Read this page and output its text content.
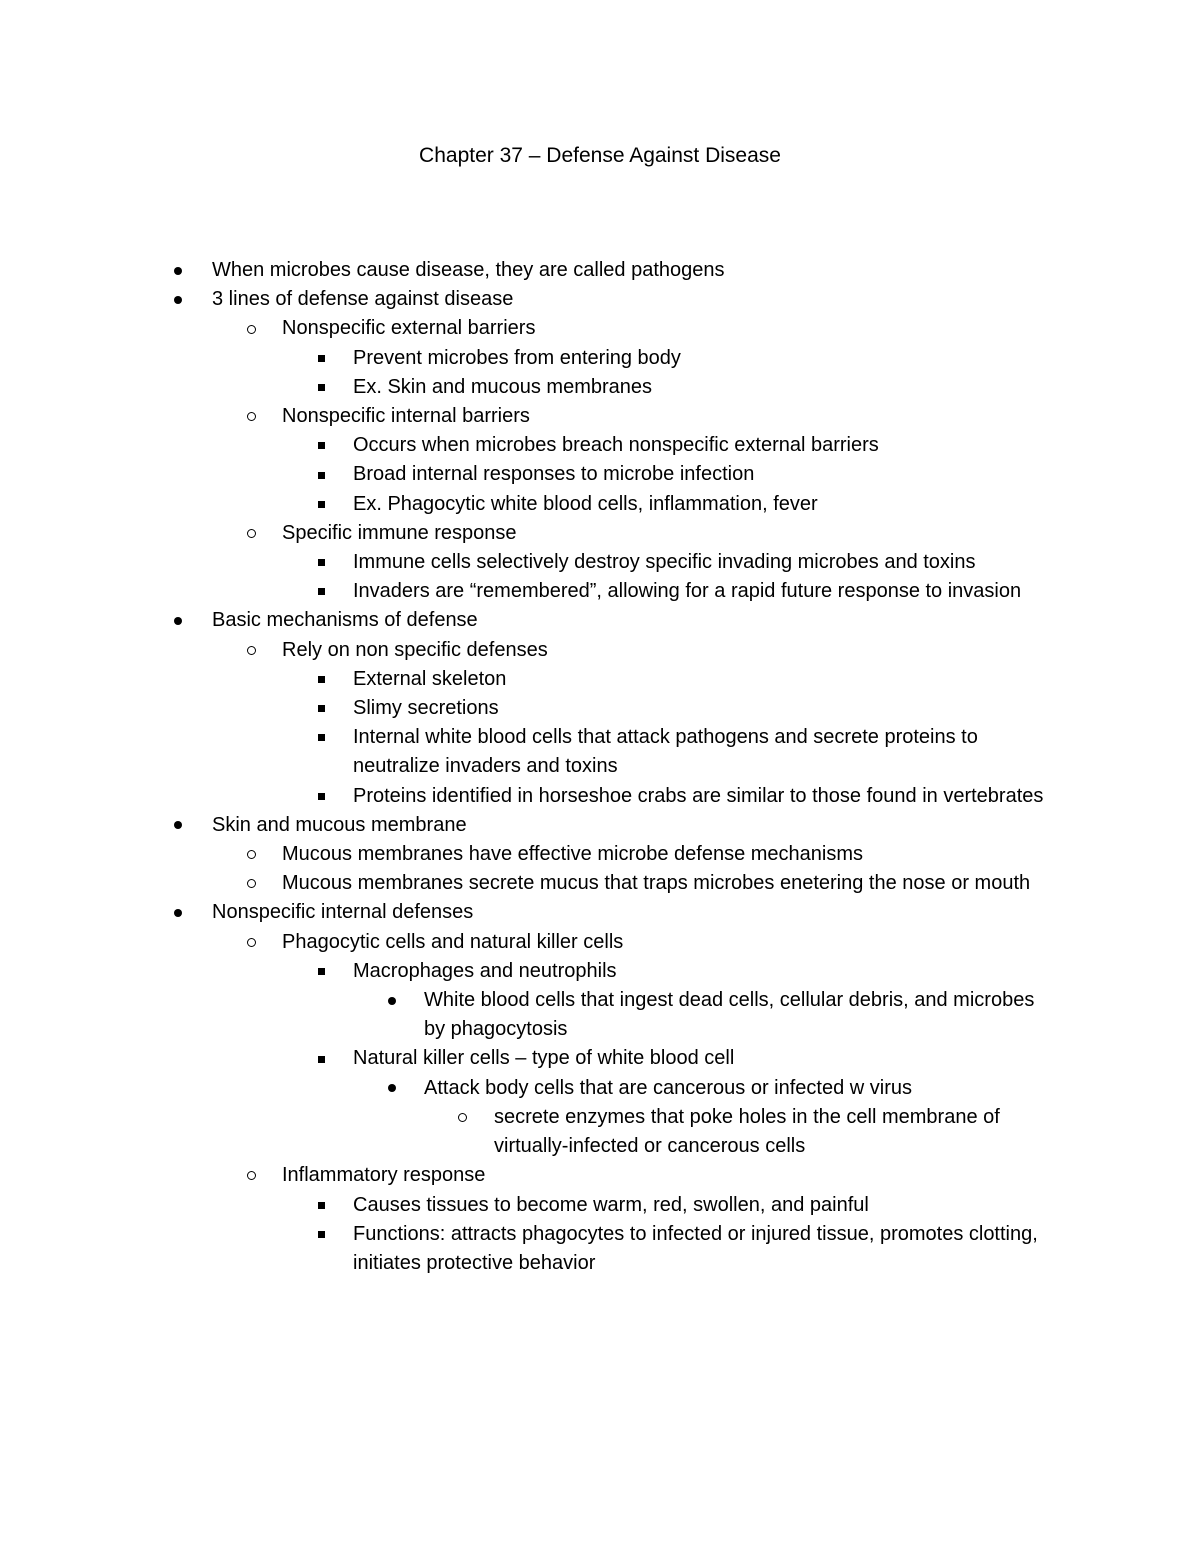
Chapter 37 – Defense Against Disease
When microbes cause disease, they are called pathogens
3 lines of defense against disease
Nonspecific external barriers
Prevent microbes from entering body
Ex. Skin and mucous membranes
Nonspecific internal barriers
Occurs when microbes breach nonspecific external barriers
Broad internal responses to microbe infection
Ex. Phagocytic white blood cells, inflammation, fever
Specific immune response
Immune cells selectively destroy specific invading microbes and toxins
Invaders are “remembered”, allowing for a rapid future response to invasion
Basic mechanisms of defense
Rely on non specific defenses
External skeleton
Slimy secretions
Internal white blood cells that attack pathogens and secrete proteins to neutralize invaders and toxins
Proteins identified in horseshoe crabs are similar to those found in vertebrates
Skin and mucous membrane
Mucous membranes have effective microbe defense mechanisms
Mucous membranes secrete mucus that traps microbes enetering the nose or mouth
Nonspecific internal defenses
Phagocytic cells and natural killer cells
Macrophages and neutrophils
White blood cells that ingest dead cells, cellular debris, and microbes by phagocytosis
Natural killer cells – type of white blood cell
Attack body cells that are cancerous or infected w virus
secrete enzymes that poke holes in the cell membrane of virtually-infected or cancerous cells
Inflammatory response
Causes tissues to become warm, red, swollen, and painful
Functions: attracts phagocytes to infected or injured tissue, promotes clotting, initiates protective behavior
